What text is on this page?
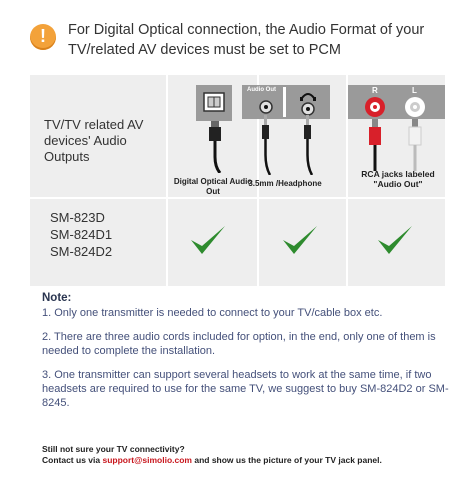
!	For Digital Optical connection, the Audio Format of your TV/related AV devices must be set to PCM
TV/TV related AV devices' Audio Outputs
SM-823D
SM-824D1
SM-824D2
Digital Optical Audio Out
Audio Out
3.5mm /Headphone
R	L
RCA jacks labeled "Audio Out"
Note:
1. Only one transmitter is needed to connect to your TV/cable box etc.
2. There are three audio cords included for option, in the end, only one of them is needed to complete the installation.
3. One transmitter can support several headsets to work at the same time, if two headsets are required to use for the same TV, we suggest to buy SM-824D2 or SM-8245.
Still not sure your TV connectivity?
Contact us via support@simolio.com and show us the picture of your TV jack panel.
